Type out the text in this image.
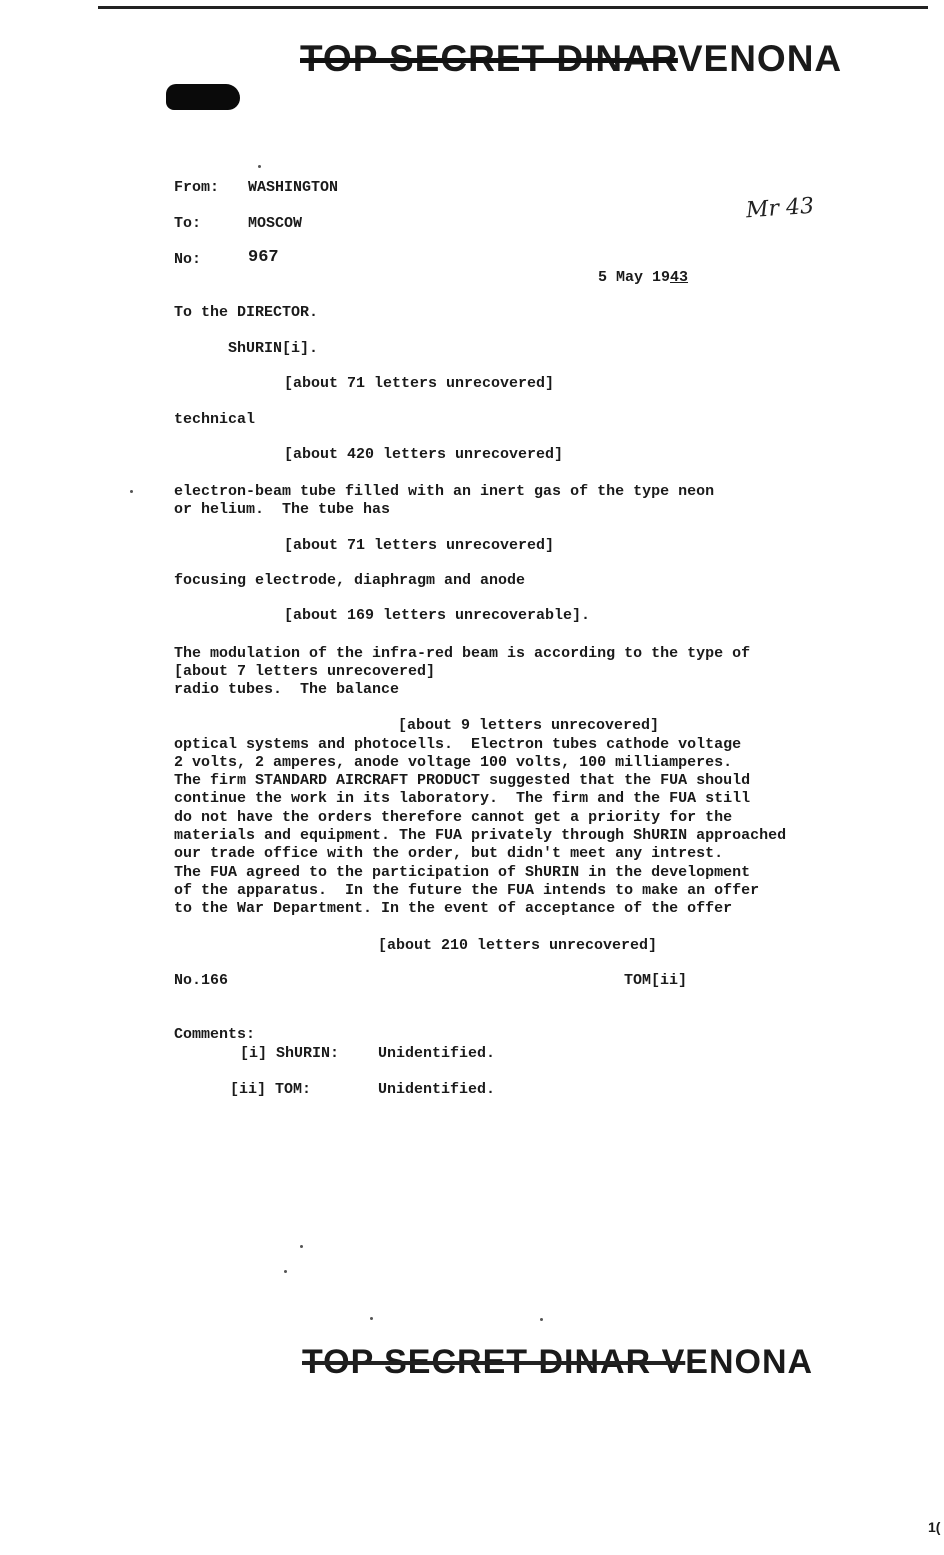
TOP SECRET DINARVENONA
From: WASHINGTON
To:	MOSCOW
No:	967
Mr 43
5 May 1943
To the DIRECTOR.
ShURIN[i].
[about 71 letters unrecovered]
technical
[about 420 letters unrecovered]
electron-beam tube filled with an inert gas of the type neon
or helium.  The tube has
[about 71 letters unrecovered]
focusing electrode, diaphragm and anode
[about 169 letters unrecoverable].
The modulation of the infra-red beam is according to the type of
[about 7 letters unrecovered]
radio tubes.  The balance
[about 9 letters unrecovered]
optical systems and photocells.  Electron tubes cathode voltage
2 volts, 2 amperes, anode voltage 100 volts, 100 milliamperes.
The firm STANDARD AIRCRAFT PRODUCT suggested that the FUA should
continue the work in its laboratory.  The firm and the FUA still
do not have the orders therefore cannot get a priority for the
materials and equipment. The FUA privately through ShURIN approached
our trade office with the order, but didn't meet any intrest.
The FUA agreed to the participation of ShURIN in the development
of the apparatus.  In the future the FUA intends to make an offer
to the War Department. In the event of acceptance of the offer
[about 210 letters unrecovered]
No.166	TOM[ii]
Comments:
[i] ShURIN:	Unidentified.
[ii] TOM:	Unidentified.
TOP SECRET DINAR VENONA
1(
